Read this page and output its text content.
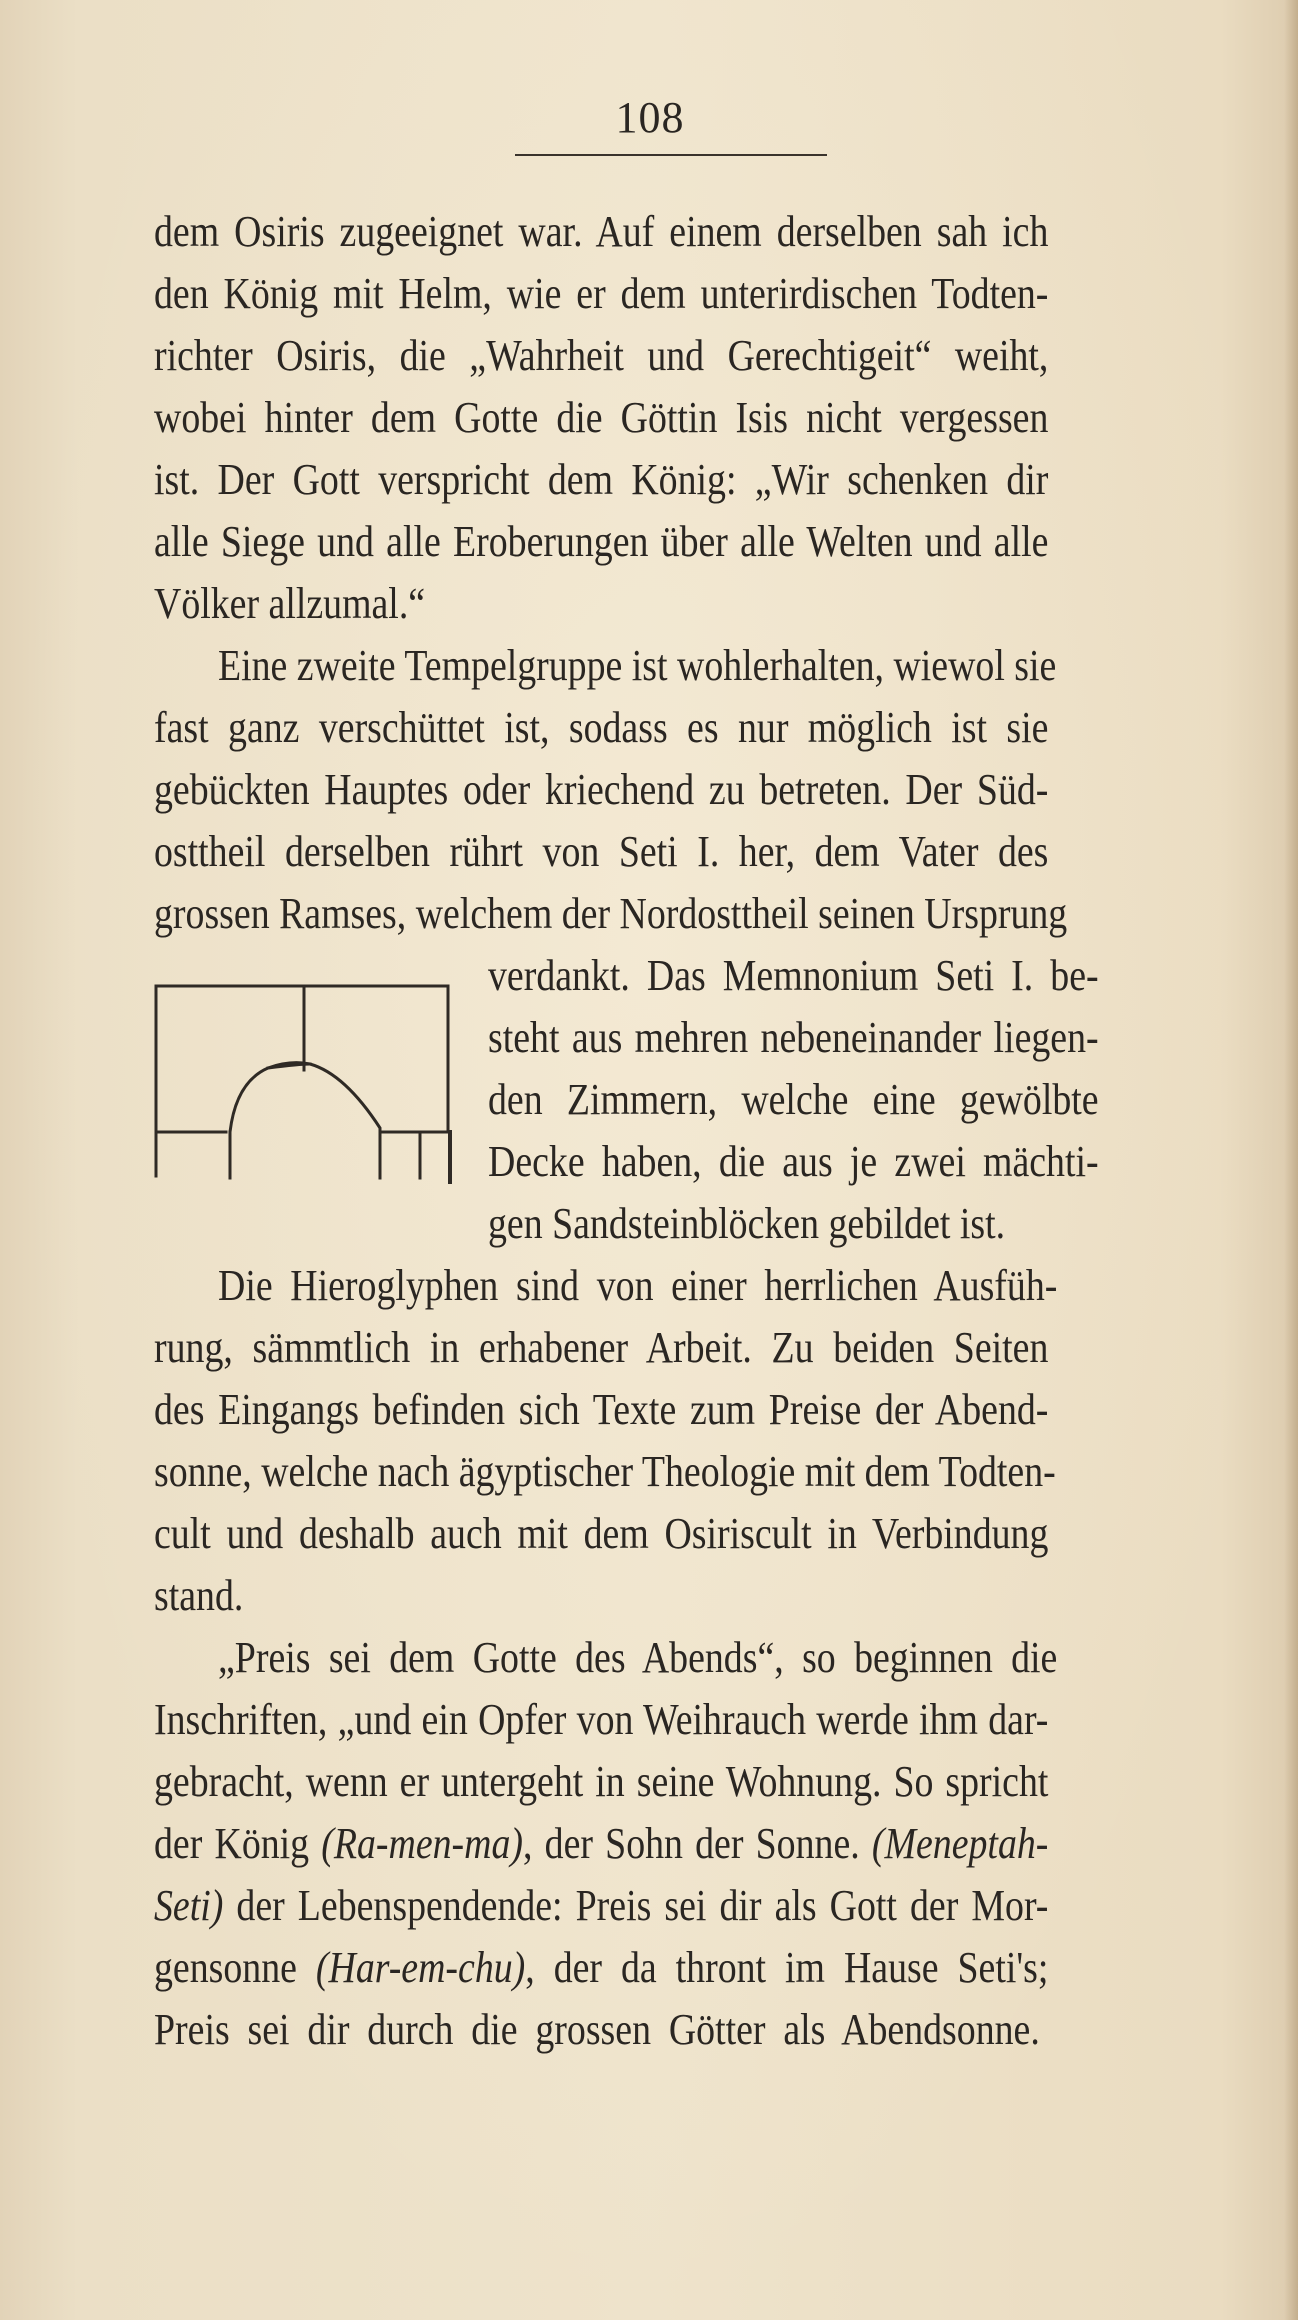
108
dem Osiris zugeeignet war. Auf einem derselben sah ich
den König mit Helm, wie er dem unterirdischen Todten-
richter Osiris, die „Wahrheit und Gerechtigeit“ weiht,
wobei hinter dem Gotte die Göttin Isis nicht vergessen
ist. Der Gott verspricht dem König: „Wir schenken dir
alle Siege und alle Eroberungen über alle Welten und alle
Völker allzumal.“
Eine zweite Tempelgruppe ist wohlerhalten, wiewol sie
fast ganz verschüttet ist, sodass es nur möglich ist sie
gebückten Hauptes oder kriechend zu betreten. Der Süd-
osttheil derselben rührt von Seti I. her, dem Vater des
grossen Ramses, welchem der Nordosttheil seinen Ursprung
verdankt. Das Memnonium Seti I. be-
steht aus mehren nebeneinander liegen-
den Zimmern, welche eine gewölbte
Decke haben, die aus je zwei mächti-
gen Sandsteinblöcken gebildet ist.
Die Hieroglyphen sind von einer herrlichen Ausfüh-
rung, sämmtlich in erhabener Arbeit. Zu beiden Seiten
des Eingangs befinden sich Texte zum Preise der Abend-
sonne, welche nach ägyptischer Theologie mit dem Todten-
cult und deshalb auch mit dem Osiriscult in Verbindung
stand.
„Preis sei dem Gotte des Abends“, so beginnen die
Inschriften, „und ein Opfer von Weihrauch werde ihm dar-
gebracht, wenn er untergeht in seine Wohnung. So spricht
der König (Ra-men-ma), der Sohn der Sonne. (Meneptah-
Seti) der Lebenspendende: Preis sei dir als Gott der Mor-
gensonne (Har-em-chu), der da thront im Hause Seti's;
Preis sei dir durch die grossen Götter als Abendsonne.
